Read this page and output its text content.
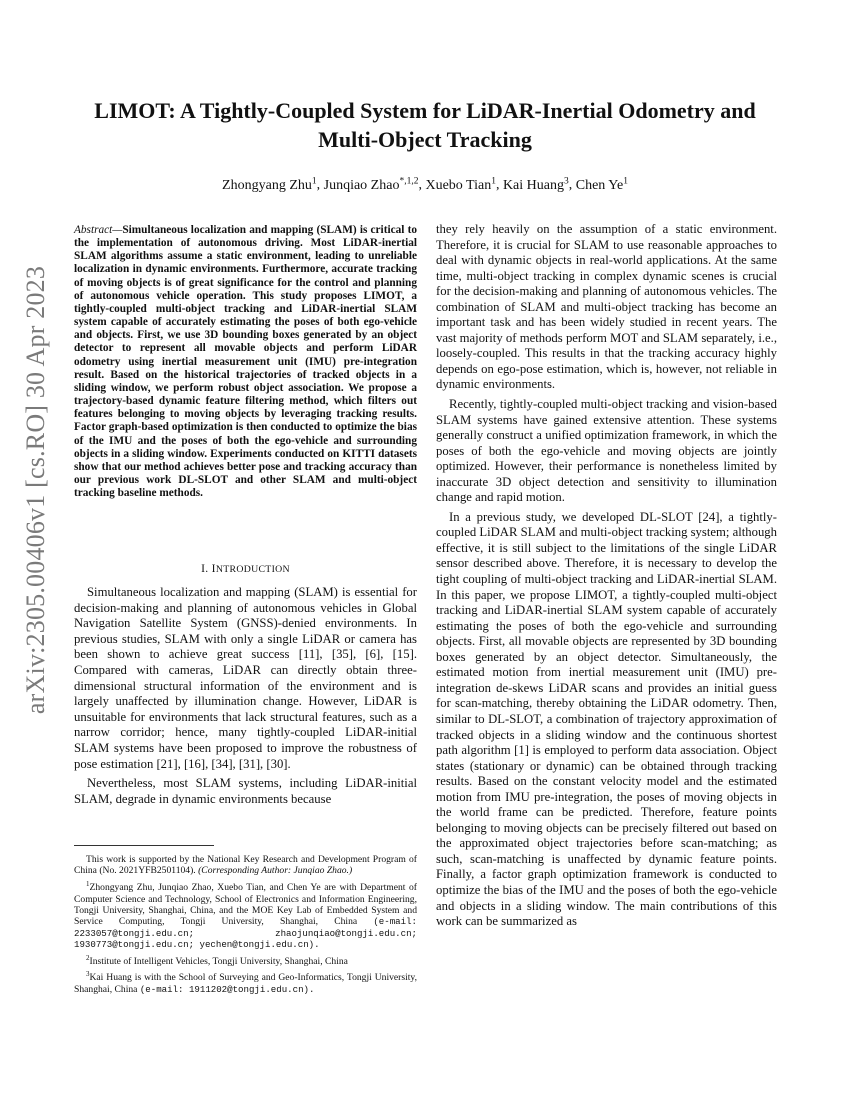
arXiv:2305.00406v1 [cs.RO] 30 Apr 2023
LIMOT: A Tightly-Coupled System for LiDAR-Inertial Odometry and
Multi-Object Tracking
Zhongyang Zhu$^1$, Junqiao Zhao$^{*,1,2}$, Xuebo Tian$^1$, Kai Huang$^3$, Chen Ye$^1$
Abstract—Simultaneous localization and mapping (SLAM) is critical to the implementation of autonomous driving. Most LiDAR-inertial SLAM algorithms assume a static environment, leading to unreliable localization in dynamic environments. Furthermore, accurate tracking of moving objects is of great significance for the control and planning of autonomous vehicle operation. This study proposes LIMOT, a tightly-coupled multi-object tracking and LiDAR-inertial SLAM system capable of accurately estimating the poses of both ego-vehicle and objects. First, we use 3D bounding boxes generated by an object detector to represent all movable objects and perform LiDAR odometry using inertial measurement unit (IMU) pre-integration result. Based on the historical trajectories of tracked objects in a sliding window, we perform robust object association. We propose a trajectory-based dynamic feature filtering method, which filters out features belonging to moving objects by leveraging tracking results. Factor graph-based optimization is then conducted to optimize the bias of the IMU and the poses of both the ego-vehicle and surrounding objects in a sliding window. Experiments conducted on KITTI datasets show that our method achieves better pose and tracking accuracy than our previous work DL-SLOT and other SLAM and multi-object tracking baseline methods.
I. INTRODUCTION

Simultaneous localization and mapping (SLAM) is essential for decision-making and planning of autonomous vehicles in Global Navigation Satellite System (GNSS)-denied environments. In previous studies, SLAM with only a single LiDAR or camera has been shown to achieve great success [11], [35], [6], [15]. Compared with cameras, LiDAR can directly obtain three-dimensional structural information of the environment and is largely unaffected by illumination change. However, LiDAR is unsuitable for environments that lack structural features, such as a narrow corridor; hence, many tightly-coupled LiDAR-initial SLAM systems have been proposed to improve the robustness of pose estimation [21], [16], [34], [31], [30].

Nevertheless, most SLAM systems, including LiDAR-initial SLAM, degrade in dynamic environments because

This work is supported by the National Key Research and Development Program of China (No. 2021YFB2501104). (Corresponding Author: Junqiao Zhao.)

$^1$Zhongyang Zhu, Junqiao Zhao, Xuebo Tian, and Chen Ye are with Department of Computer Science and Technology, School of Electronics and Information Engineering, Tongji University, Shanghai, China, and the MOE Key Lab of Embedded System and Service Computing, Tongji University, Shanghai, China (e-mail: 2233057@tongji.edu.cn; zhaojunqiao@tongji.edu.cn; 1930773@tongji.edu.cn; yechen@tongji.edu.cn).

$^2$Institute of Intelligent Vehicles, Tongji University, Shanghai, China

$^3$Kai Huang is with the School of Surveying and Geo-Informatics, Tongji University, Shanghai, China (e-mail: 1911202@tongji.edu.cn).

they rely heavily on the assumption of a static environment. Therefore, it is crucial for SLAM to use reasonable approaches to deal with dynamic objects in real-world applications. At the same time, multi-object tracking in complex dynamic scenes is crucial for the decision-making and planning of autonomous vehicles. The combination of SLAM and multi-object tracking has become an important task and has been widely studied in recent years. The vast majority of methods perform MOT and SLAM separately, i.e., loosely-coupled. This results in that the tracking accuracy highly depends on ego-pose estimation, which is, however, not reliable in dynamic environments.

Recently, tightly-coupled multi-object tracking and vision-based SLAM systems have gained extensive attention. These systems generally construct a unified optimization framework, in which the poses of both the ego-vehicle and moving objects are jointly optimized. However, their performance is nonetheless limited by inaccurate 3D object detection and sensitivity to illumination change and rapid motion.

In a previous study, we developed DL-SLOT [24], a tightly-coupled LiDAR SLAM and multi-object tracking system; although effective, it is still subject to the limitations of the single LiDAR sensor described above. Therefore, it is necessary to develop the tight coupling of multi-object tracking and LiDAR-inertial SLAM. In this paper, we propose LIMOT, a tightly-coupled multi-object tracking and LiDAR-inertial SLAM system capable of accurately estimating the poses of both the ego-vehicle and surrounding objects. First, all movable objects are represented by 3D bounding boxes generated by an object detector. Simultaneously, the estimated motion from inertial measurement unit (IMU) pre-integration de-skews LiDAR scans and provides an initial guess for scan-matching, thereby obtaining the LiDAR odometry. Then, similar to DL-SLOT, a combination of trajectory approximation of tracked objects in a sliding window and the continuous shortest path algorithm [1] is employed to perform data association. Object states (stationary or dynamic) can be obtained through tracking results. Based on the constant velocity model and the estimated motion from IMU pre-integration, the poses of moving objects in the world frame can be predicted. Therefore, feature points belonging to moving objects can be precisely filtered out based on the approximated object trajectories before scan-matching; as such, scan-matching is unaffected by dynamic feature points. Finally, a factor graph optimization framework is conducted to optimize the bias of the IMU and the poses of both the ego-vehicle and objects in a sliding window. The main contributions of this work can be summarized as
